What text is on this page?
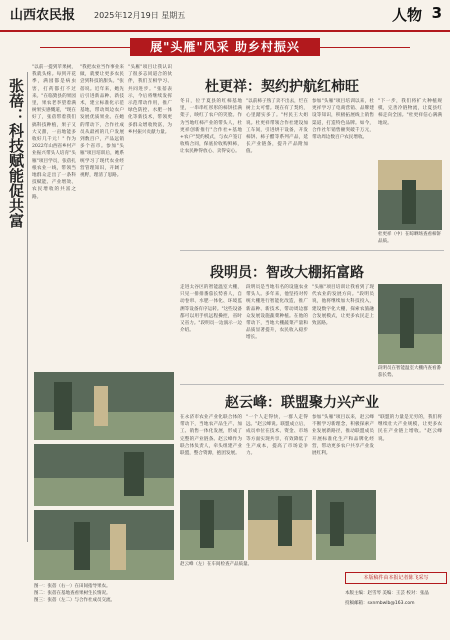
山西农民报 2025年12月19日 星期五	人物 3
展"头雁"风采 助乡村振兴
张蓓：科技赋能促共富
"以前一提到苹果树，我就头疼。每到开花季，满园都是病虫害，打药都打不过来。"在临猗县的果园里，果农老李望着满树果实感慨道，"现在好了，张蓓带着我们搞科技种植，果子又大又甜，一亩地能多收好几千元！" 作为2022年山西省乡村产业振兴带头人培育"头雁"项目学员，张蓓扎根农业一线，带领当地群众走出了一条科技赋能、产业增效、农民增收的共富之路。
"我把农业当作事业来做，就要让更多农民尝到科技的甜头。"张蓓说。近年来，她先后引进新品种、新技术，建立标准化示范基地，带动周边农户发展优质果业。在她的带动下，合作社成员从最初的几户发展到数百户，产品远销多个省市。参加"头雁"项目培训后，她系统学习了现代农业经营管理知识，开阔了视野，理清了思路。
"头雁"项目让我认识了很多志同道合的伙伴，我们互相学习、共同进步。"张蓓表示，今后将继续发挥示范带动作用，推广绿色防控、水肥一体化等新技术，带领更多群众增收致富，为乡村振兴贡献力量。
图一：张蓓（右一）在田间指导果农。
图二：张蓓在基地查看果树生长情况。
图三：张蓓（左二）与合作社成员交流。
杜更祥：契约护航红柿旺
冬日，位于夏县的红柿基地里，一串串红彤彤的柿饼挂满架子，映红了农户的笑脸。作为当地红柿产业的带头人，杜更祥创新推行"合作社+基地+农户"契约模式，与农户签订收购合同，保底价收购鲜柿，让农民种得放心、卖得安心。
"以前柿子熟了卖不出去，烂在树上太可惜。现在有了契约，心里踏实多了。"村民王大姐说。杜更祥带领合作社建设加工车间，引进烘干设备，开发柿饼、柿子醋等系列产品，延长产业链条，提升产品附加值。
参加"头雁"项目培训以来，杜更祥学习了电商营销、品牌建设等知识，积极拓展线上销售渠道，打造特色品牌。如今，合作社年销售额突破千万元，带动周边数百户农民增收。
"下一步，我们将扩大种植规模，完善冷链物流，让夏县红柿走向全国。"杜更祥信心满满地说。
杜更祥（中）在晾晒场查看柿饼品质。
段明员：智改大棚拓富路
走进太谷区的智能温室大棚，只见一排排番茄长势喜人，自动卷帘、水肥一体化、环境监测等设备有序运转。"这些设备都可以用手机远程操控，省时又省力。"段明员一边演示一边介绍。
段明员是当地有名的设施农业带头人。多年来，他坚持对传统大棚进行智能化改造，推广新品种、新技术，带动周边群众发展设施蔬菜种植。在他的带动下，当地大棚蔬菜产量和品质显著提升，农民收入稳步增长。
"头雁"项目培训让我看到了现代农业的发展方向。"段明员说，他将继续加大科技投入，建设数字化大棚，探索农旅融合发展模式，让更多农民走上致富路。
段明员在智能温室大棚内查看番茄长势。
赵云峰：联盟聚力兴产业
在永济市农业产业化联合体的带动下，当地农产品生产、加工、销售一体化发展，形成了完整的产业链条。赵云峰作为联合体负责人，牵头组建产业联盟，整合资源，抱团发展。
"一个人走得快，一群人走得远。"赵云峰说。联盟成立后，成员单位在技术、资金、市场等方面实现共享，有效降低了生产成本，提高了市场竞争力。
参加"头雁"项目以来，赵云峰不断学习新理念，积极探索产业发展新路径，推动联盟成员开展标准化生产和品牌化经营，带动更多农户共享产业发展红利。
"联盟的力量是无穷的，我们将继续壮大产业规模，让更多农民在产业链上增收。"赵云峰说。
赵云峰（左）在车间检查产品质量。
本版稿件由本报记者陈飞采写
本版主编：赵雪琴 美编：王芸 校对：张晶
投稿邮箱：sxnmbwlb@163.com
